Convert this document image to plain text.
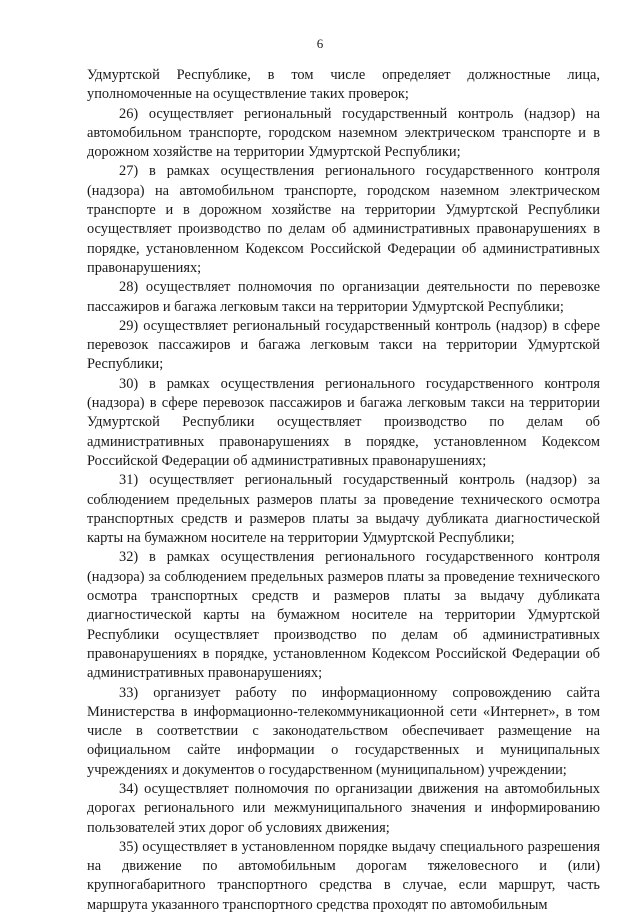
6

Удмуртской Республике, в том числе определяет должностные лица, уполномоченные на осуществление таких проверок;

26) осуществляет региональный государственный контроль (надзор) на автомобильном транспорте, городском наземном электрическом транспорте и в дорожном хозяйстве на территории Удмуртской Республики;

27) в рамках осуществления регионального государственного контроля (надзора) на автомобильном транспорте, городском наземном электрическом транспорте и в дорожном хозяйстве на территории Удмуртской Республики осуществляет производство по делам об административных правонарушениях в порядке, установленном Кодексом Российской Федерации об административных правонарушениях;

28) осуществляет полномочия по организации деятельности по перевозке пассажиров и багажа легковым такси на территории Удмуртской Республики;

29) осуществляет региональный государственный контроль (надзор) в сфере перевозок пассажиров и багажа легковым такси на территории Удмуртской Республики;

30) в рамках осуществления регионального государственного контроля (надзора) в сфере перевозок пассажиров и багажа легковым такси на территории Удмуртской Республики осуществляет производство по делам об административных правонарушениях в порядке, установленном Кодексом Российской Федерации об административных правонарушениях;

31) осуществляет региональный государственный контроль (надзор) за соблюдением предельных размеров платы за проведение технического осмотра транспортных средств и размеров платы за выдачу дубликата диагностической карты на бумажном носителе на территории Удмуртской Республики;

32) в рамках осуществления регионального государственного контроля (надзора) за соблюдением предельных размеров платы за проведение технического осмотра транспортных средств и размеров платы за выдачу дубликата диагностической карты на бумажном носителе на территории Удмуртской Республики осуществляет производство по делам об административных правонарушениях в порядке, установленном Кодексом Российской Федерации об административных правонарушениях;

33) организует работу по информационному сопровождению сайта Министерства в информационно-телекоммуникационной сети «Интернет», в том числе в соответствии с законодательством обеспечивает размещение на официальном сайте информации о государственных и муниципальных учреждениях и документов о государственном (муниципальном) учреждении;

34) осуществляет полномочия по организации движения на автомобильных дорогах регионального или межмуниципального значения и информированию пользователей этих дорог об условиях движения;

35) осуществляет в установленном порядке выдачу специального разрешения на движение по автомобильным дорогам тяжеловесного и (или) крупногабаритного транспортного средства в случае, если маршрут, часть маршрута указанного транспортного средства проходят по автомобильным
